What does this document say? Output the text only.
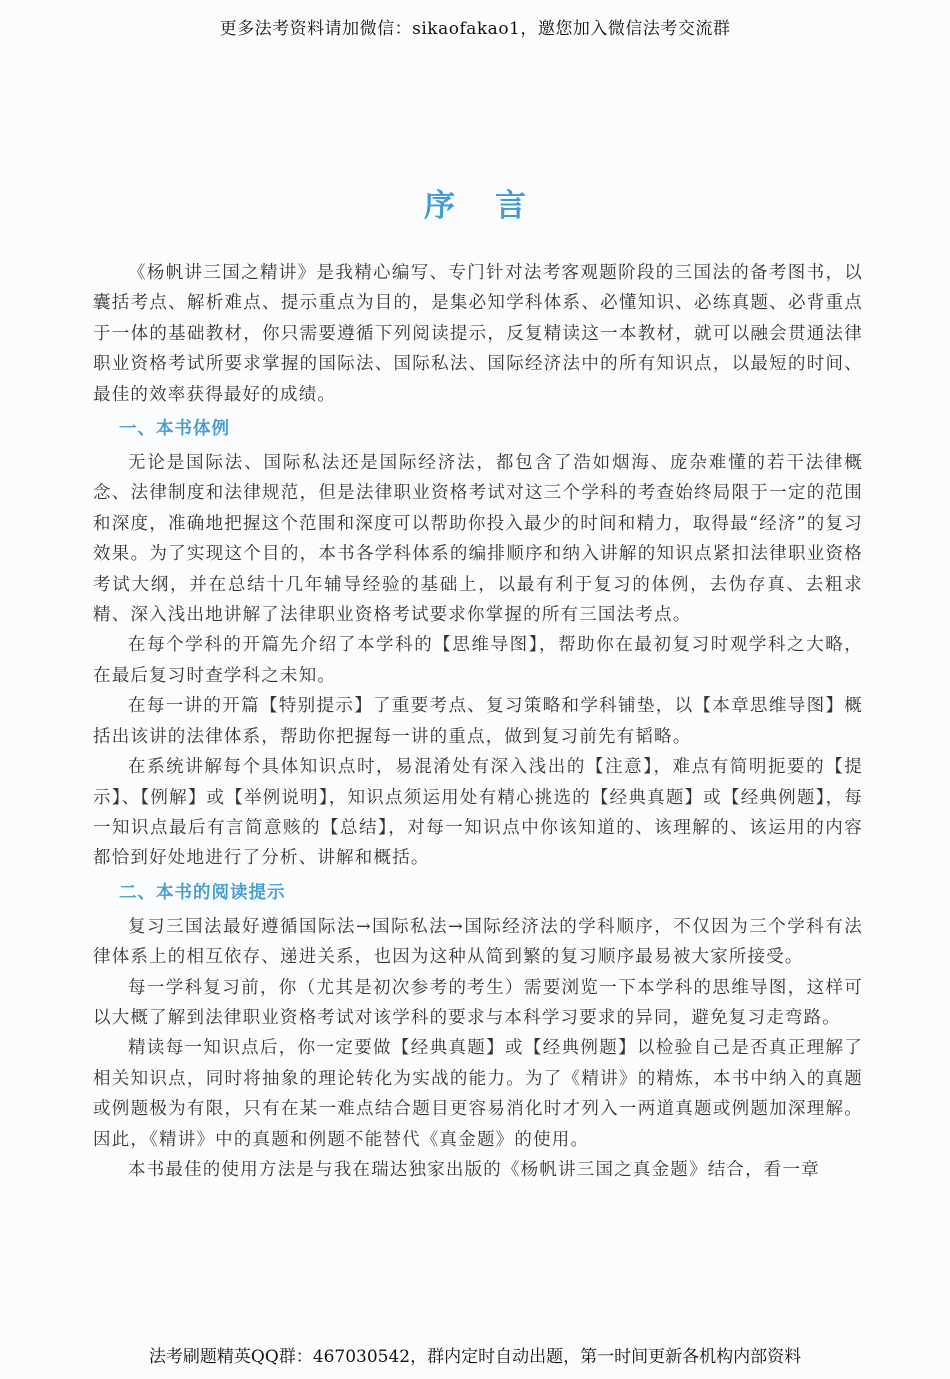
更多法考资料请加微信：sikaofakao1，邀您加入微信法考交流群
序言

《杨帆讲三国之精讲》是我精心编写、专门针对法考客观题阶段的三国法的备考图书，以囊括考点、解析难点、提示重点为目的，是集必知学科体系、必懂知识、必练真题、必背重点于一体的基础教材，你只需要遵循下列阅读提示，反复精读这一本教材，就可以融会贯通法律职业资格考试所要求掌握的国际法、国际私法、国际经济法中的所有知识点，以最短的时间、最佳的效率获得最好的成绩。

一、本书体例

无论是国际法、国际私法还是国际经济法，都包含了浩如烟海、庞杂难懂的若干法律概念、法律制度和法律规范，但是法律职业资格考试对这三个学科的考查始终局限于一定的范围和深度，准确地把握这个范围和深度可以帮助你投入最少的时间和精力，取得最“经济”的复习效果。为了实现这个目的，本书各学科体系的编排顺序和纳入讲解的知识点紧扣法律职业资格考试大纲，并在总结十几年辅导经验的基础上，以最有利于复习的体例，去伪存真、去粗求精、深入浅出地讲解了法律职业资格考试要求你掌握的所有三国法考点。

在每个学科的开篇先介绍了本学科的【思维导图】，帮助你在最初复习时观学科之大略，在最后复习时查学科之未知。

在每一讲的开篇【特别提示】了重要考点、复习策略和学科铺垫，以【本章思维导图】概括出该讲的法律体系，帮助你把握每一讲的重点，做到复习前先有韬略。

在系统讲解每个具体知识点时，易混淆处有深入浅出的【注意】，难点有简明扼要的【提示】、【例解】或【举例说明】，知识点须运用处有精心挑选的【经典真题】或【经典例题】，每一知识点最后有言简意赅的【总结】，对每一知识点中你该知道的、该理解的、该运用的内容都恰到好处地进行了分析、讲解和概括。

二、本书的阅读提示

复习三国法最好遵循国际法→国际私法→国际经济法的学科顺序，不仅因为三个学科有法律体系上的相互依存、递进关系，也因为这种从简到繁的复习顺序最易被大家所接受。

每一学科复习前，你（尤其是初次参考的考生）需要浏览一下本学科的思维导图，这样可以大概了解到法律职业资格考试对该学科的要求与本科学习要求的异同，避免复习走弯路。

精读每一知识点后，你一定要做【经典真题】或【经典例题】以检验自己是否真正理解了相关知识点，同时将抽象的理论转化为实战的能力。为了《精讲》的精炼，本书中纳入的真题或例题极为有限，只有在某一难点结合题目更容易消化时才列入一两道真题或例题加深理解。因此，《精讲》中的真题和例题不能替代《真金题》的使用。

本书最佳的使用方法是与我在瑞达独家出版的《杨帆讲三国之真金题》结合，看一章

法考刷题精英QQ群：467030542，群内定时自动出题，第一时间更新各机构内部资料
